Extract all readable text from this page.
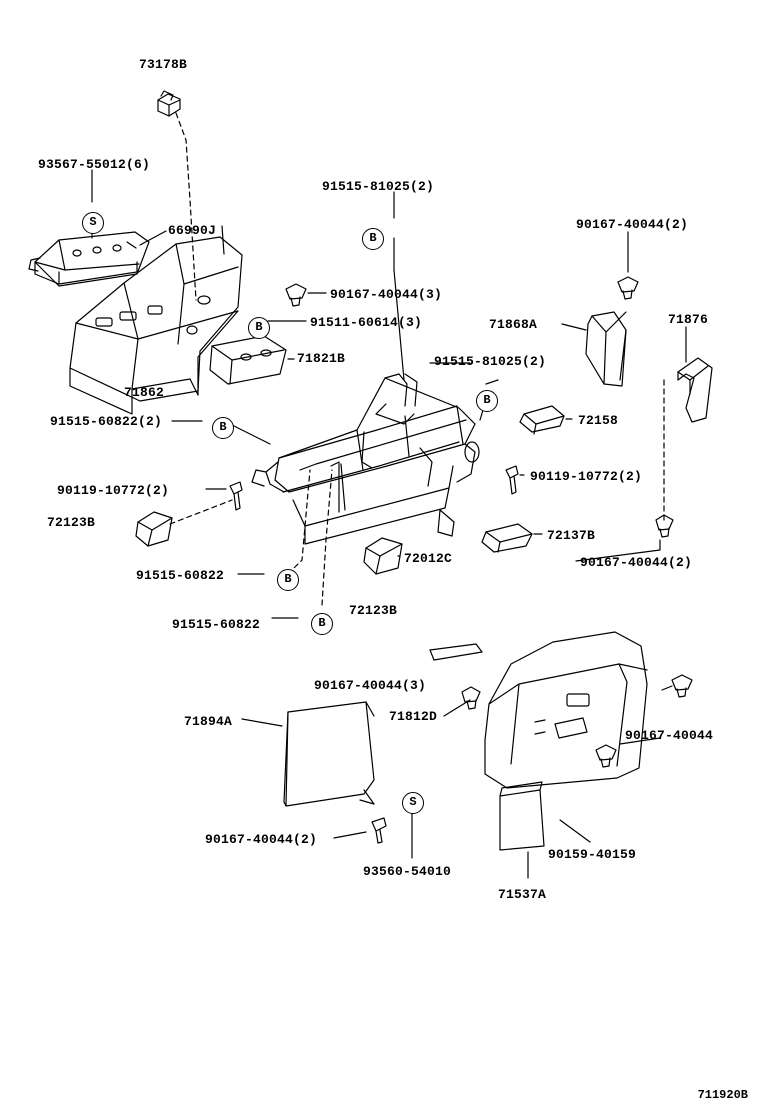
73178B
93567-55012(6)
66990J
91515-81025(2)
90167-40044(2)
90167-40044(3)
91511-60614(3)	71868A	71876
71821B	91515-81025(2)
71862
72158
91515-60822(2)
90119-10772(2)
90119-10772(2)
72123B
72137B
72012C	90167-40044(2)
91515-60822
72123B
91515-60822
90167-40044(3)
71894A	71812D
90167-40044
90167-40044(2)
90159-40159
93560-54010
71537A
S
B
B
B
B
B
B
S
711920B
